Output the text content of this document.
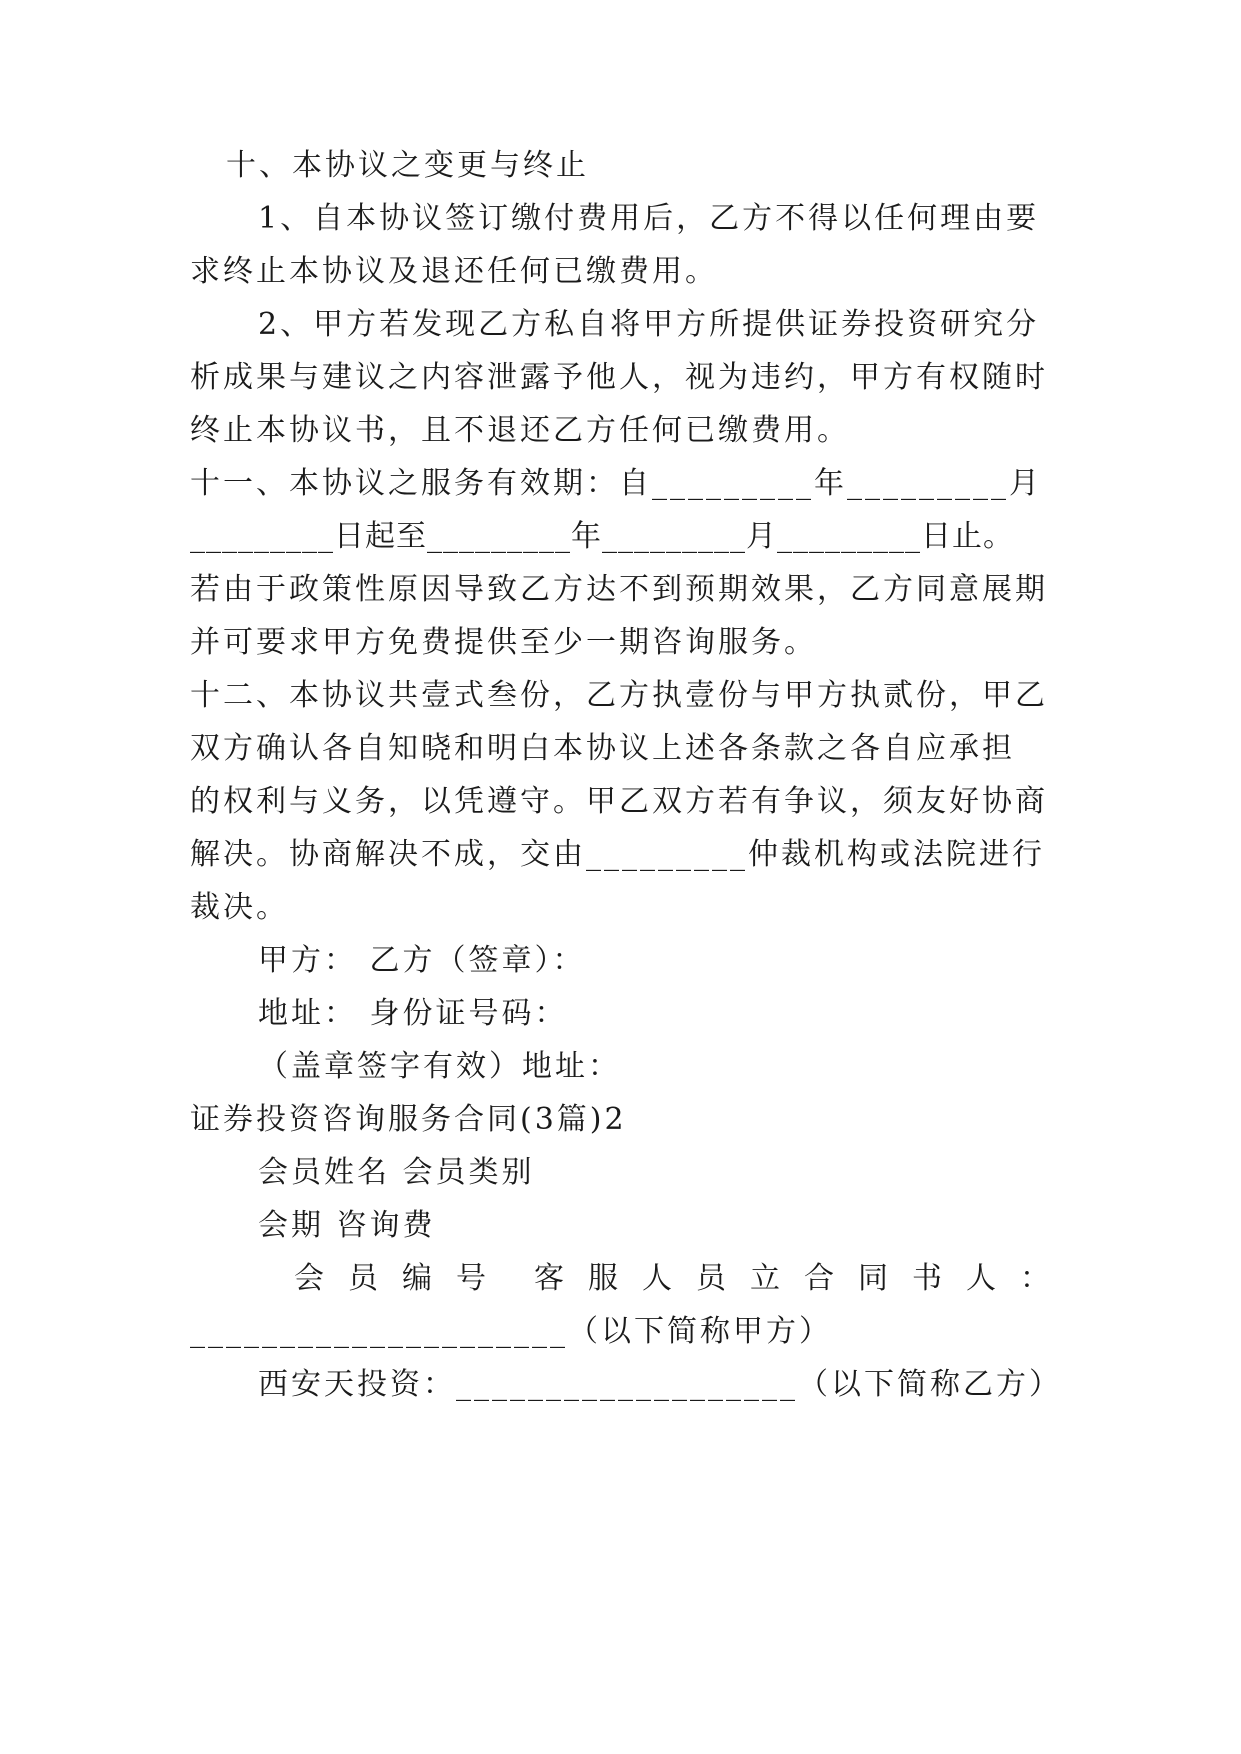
十、本协议之变更与终止
1、自本协议签订缴付费用后，乙方不得以任何理由要
求终止本协议及退还任何已缴费用。
2、甲方若发现乙方私自将甲方所提供证券投资研究分
析成果与建议之内容泄露予他人，视为违约，甲方有权随时
终止本协议书，且不退还乙方任何已缴费用。
十一、本协议之服务有效期：自_________年_________月
_________日起至_________年_________月_________日止。
若由于政策性原因导致乙方达不到预期效果，乙方同意展期
并可要求甲方免费提供至少一期咨询服务。
十二、本协议共壹式叁份，乙方执壹份与甲方执贰份，甲乙
双方确认各自知晓和明白本协议上述各条款之各自应承担
的权利与义务，以凭遵守。甲乙双方若有争议，须友好协商
解决。协商解决不成，交由_________仲裁机构或法院进行
裁决。
甲方： 乙方（签章）：
地址： 身份证号码：
（盖章签字有效）地址：
证券投资咨询服务合同(3篇)2
会员姓名 会员类别
会期 咨询费
会 员 编 号 客 服 人 员 立 合 同 书 人 ：
_____________________（以下简称甲方）
西安天投资：___________________（以下简称乙方）
